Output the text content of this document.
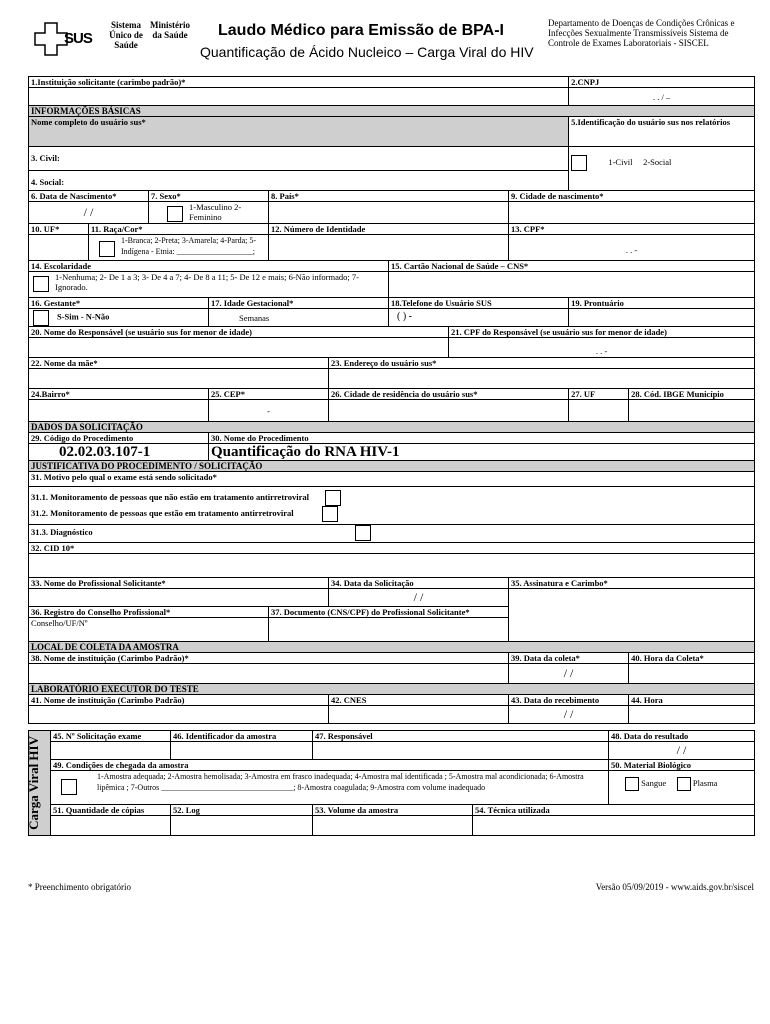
SUS
Sistema Único de Saúde
Ministério da Saúde Laudo Médico para Emissão de BPA-I
Quantificação de Ácido Nucleico – Carga Viral do HIV
Departamento de Doenças de Condições Crônicas e Infecções Sexualmente Transmissíveis Sistema de Controle de Exames Laboratoriais - SISCEL
1.Instituição solicitante (carimbo padrão)*									2.CNPJ	
									. . / –	
INFORMAÇÕES BÁSICAS										
Nome completo do usuário sus*									5.Identificação do usuário sus nos relatórios	
3. Civil:									1-Civil 2-Social	
4. Social:										
6. Data de Nascimento*		7. Sexo*		8. País*				9. Cidade de nascimento*		
/ /		1-Masculino 2-Feminino								
10. UF*	11. Raça/Cor*			12. Número de Identidade				13. CPF*		

1-Branca; 2-Preta; 3-Amarela; 4-Parda; 5-Indígena - Etnia: ___________________;							. . -		
14. Escolaridade						15. Cartão Nacional de Saúde – CNS*				

1-Nenhuma; 2- De 1 a 3; 3- De 4 a 7; 4- De 8 a 11; 5- De 12 e mais; 6-Não informado; 7-Ignorado.										
16. Gestante*			17. Idade Gestacional*			18.Telefone do Usuário SUS			19. Prontuário	
S-Sim - N-Não			Semanas			( ) -				
20. Nome do Responsável (se usuário sus for menor de idade)							21. CPF do Responsável (se usuário sus for menor de idade)			
							. . -			
22. Nome da mãe*					23. Endereço do usuário sus*					

24.Bairro*			25. CEP*		26. Cidade de residência do usuário sus*				27. UF	28. Cód. IBGE Município
			-							
DADOS DA SOLICITAÇÃO										
29. Código do Procedimento			30. Nome do Procedimento							
02.02.03.107-1			Quantificação do RNA HIV-1							
JUSTIFICATIVA DO PROCEDIMENTO / SOLICITAÇÃO										
31. Motivo pelo qual o exame está sendo solicitado*										
31.1. Monitoramento de pessoas que não estão em tratamento antirretroviral										
31.2. Monitoramento de pessoas que estão em tratamento antirretroviral										
31.3. Diagnóstico										
32. CID 10*										

33. Nome do Profissional Solicitante*					34. Data da Solicitação			35. Assinatura e Carimbo*		
					/ /					
36. Registro do Conselho Profissional*				37. Documento (CNS/CPF) do Profissional Solicitante*						
Conselho/UF/Nº										
LOCAL DE COLETA DA AMOSTRA										
38. Nome de instituição (Carimbo Padrão)*								39. Data da coleta*		40. Hora da Coleta*
								/ /		
LABORATÓRIO EXECUTOR DO TESTE										
41. Nome de instituição (Carimbo Padrão)					42. CNES			43. Data do recebimento		44. Hora
								/ /		
Carga Viral HIV	45. Nº Solicitação exame	46. Identificador da amostra	47. Responsável		48. Data do resultado
					/ /
	49. Condições de chegada da amostra				50. Material Biológico

1-Amostra adequada; 2-Amostra hemolisada; 3-Amostra em frasco inadequada; 4-Amostra mal identificada ; 5-Amostra mal acondicionada; 6-Amostra lipêmica ; 7-Outros _________________________________; 8-Amostra coagulada; 9-Amostra com volume inadequado				Sangue Plasma
	51. Quantidade de cópias	52. Log	53. Volume da amostra	54. Técnica utilizada	

* Preenchimento obrigatório	Versão 05/09/2019 - www.aids.gov.br/siscel
